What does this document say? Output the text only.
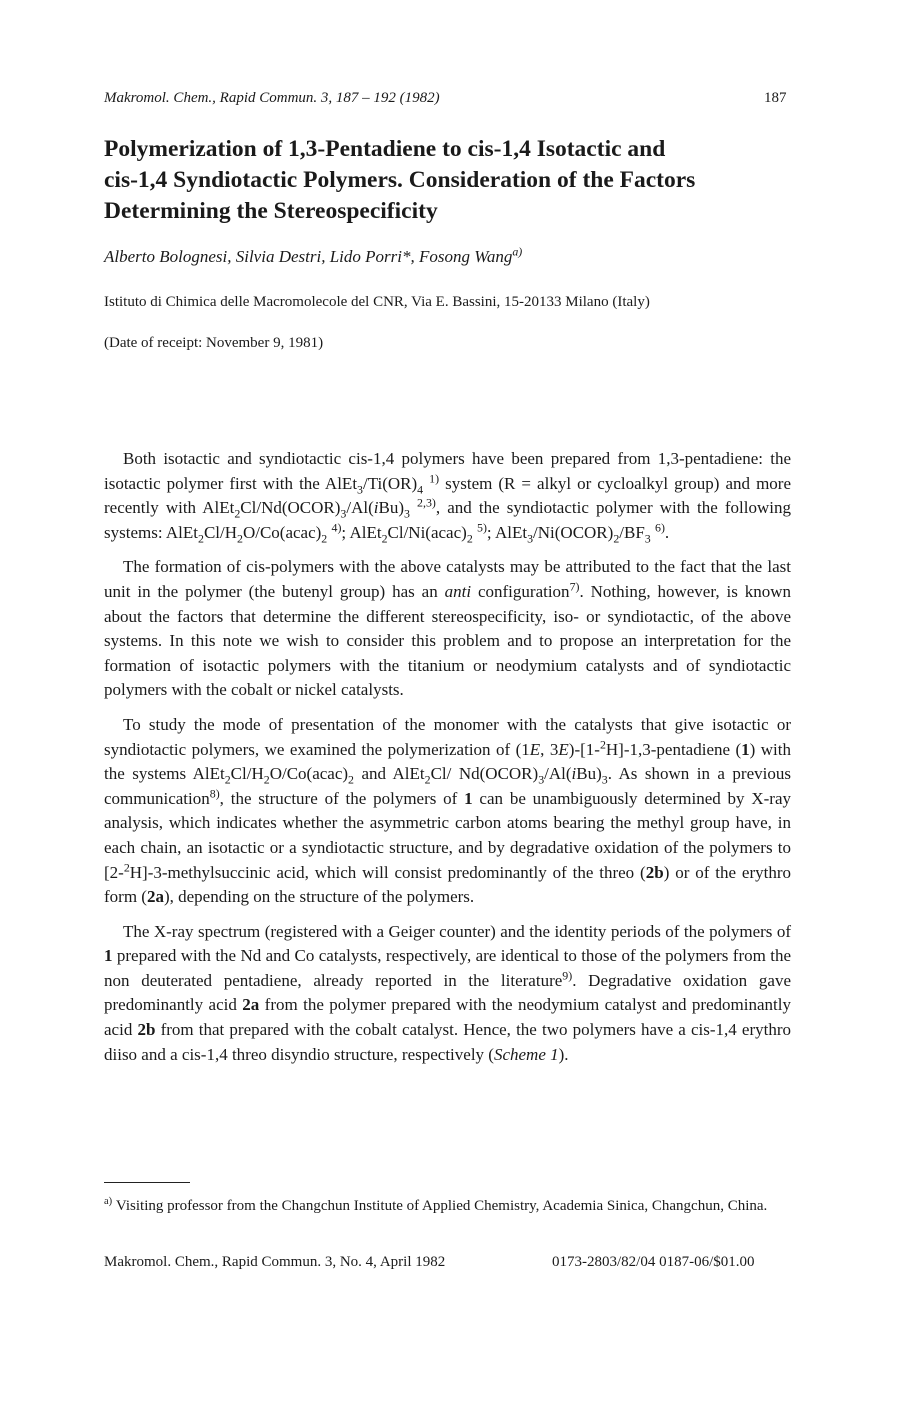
Makromol. Chem., Rapid Commun. 3, 187 – 192 (1982)	187
Polymerization of 1,3-Pentadiene to cis-1,4 Isotactic and
cis-1,4 Syndiotactic Polymers. Consideration of the Factors
Determining the Stereospecificity
Alberto Bolognesi, Silvia Destri, Lido Porri*, Fosong Wang$^{a)}$
Istituto di Chimica delle Macromolecole del CNR, Via E. Bassini, 15-20133 Milano (Italy)
(Date of receipt: November 9, 1981)

Both isotactic and syndiotactic cis-1,4 polymers have been prepared from 1,3-pentadiene: the isotactic polymer first with the $AlEt_3/Ti(OR)_4$ $^{1)}$ system (R = alkyl or cycloalkyl group) and more recently with $AlEt_2Cl/Nd(OCOR)_3/Al(iBu)_3$ $^{2,3)}$, and the syndiotactic polymer with the following systems: $AlEt_2Cl/H_2O/Co(acac)_2$ $^{4)}$; $AlEt_2Cl/Ni(acac)_2$ $^{5)}$; $AlEt_3/Ni(OCOR)_2/BF_3$ $^{6)}$.

The formation of cis-polymers with the above catalysts may be attributed to the fact that the last unit in the polymer (the butenyl group) has an anti configuration$^{7)}$. Nothing, however, is known about the factors that determine the different stereospecificity, iso- or syndiotactic, of the above systems. In this note we wish to consider this problem and to propose an interpretation for the formation of isotactic polymers with the titanium or neodymium catalysts and of syndiotactic polymers with the cobalt or nickel catalysts.

To study the mode of presentation of the monomer with the catalysts that give isotactic or syndiotactic polymers, we examined the polymerization of (1E, 3E)-[1-$^2$H]-1,3-pentadiene (1) with the systems $AlEt_2Cl/H_2O/Co(acac)_2$ and AlEt$_2$Cl/ $Nd(OCOR)_3/Al(iBu)_3$. As shown in a previous communication$^{8)}$, the structure of the polymers of 1 can be unambiguously determined by X-ray analysis, which indicates whether the asymmetric carbon atoms bearing the methyl group have, in each chain, an isotactic or a syndiotactic structure, and by degradative oxidation of the polymers to [2-$^2$H]-3-methylsuccinic acid, which will consist predominantly of the threo (2b) or of the erythro form (2a), depending on the structure of the polymers.

The X-ray spectrum (registered with a Geiger counter) and the identity periods of the polymers of 1 prepared with the Nd and Co catalysts, respectively, are identical to those of the polymers from the non deuterated pentadiene, already reported in the literature$^{9)}$. Degradative oxidation gave predominantly acid 2a from the polymer prepared with the neodymium catalyst and predominantly acid 2b from that prepared with the cobalt catalyst. Hence, the two polymers have a cis-1,4 erythro diiso and a cis-1,4 threo disyndio structure, respectively (Scheme 1).

$^{a)}$ Visiting professor from the Changchun Institute of Applied Chemistry, Academia Sinica, Changchun, China.
Makromol. Chem., Rapid Commun. 3, No. 4, April 1982	0173-2803/82/04 0187-06/$01.00
